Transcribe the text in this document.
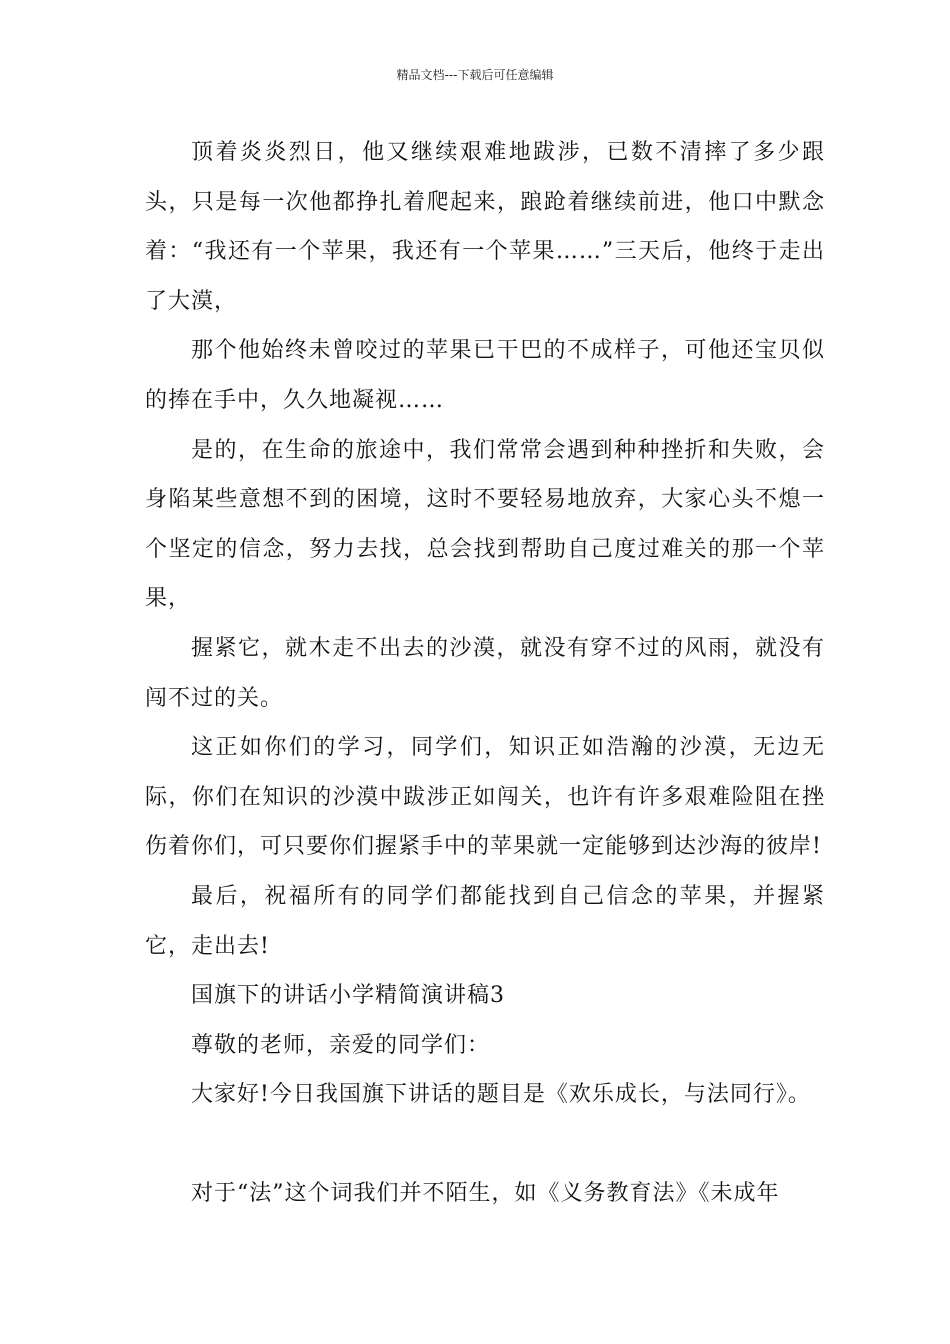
精品文档---下载后可任意编辑

顶着炎炎烈日，他又继续艰难地跋涉，已数不清摔了多少跟头，只是每一次他都挣扎着爬起来，踉跄着继续前进，他口中默念着：“我还有一个苹果，我还有一个苹果……”三天后，他终于走出了大漠，

那个他始终未曾咬过的苹果已干巴的不成样子，可他还宝贝似的捧在手中，久久地凝视……

是的，在生命的旅途中，我们常常会遇到种种挫折和失败，会身陷某些意想不到的困境，这时不要轻易地放弃，大家心头不熄一个坚定的信念，努力去找，总会找到帮助自己度过难关的那一个苹果，

握紧它，就木走不出去的沙漠，就没有穿不过的风雨，就没有闯不过的关。

这正如你们的学习，同学们，知识正如浩瀚的沙漠，无边无际，你们在知识的沙漠中跋涉正如闯关，也许有许多艰难险阻在挫伤着你们，可只要你们握紧手中的苹果就一定能够到达沙海的彼岸!

最后，祝福所有的同学们都能找到自己信念的苹果，并握紧它，走出去!

国旗下的讲话小学精简演讲稿3

尊敬的老师，亲爱的同学们：

大家好!今日我国旗下讲话的题目是《欢乐成长，与法同行》。

对于“法”这个词我们并不陌生，如《义务教育法》《未成年
